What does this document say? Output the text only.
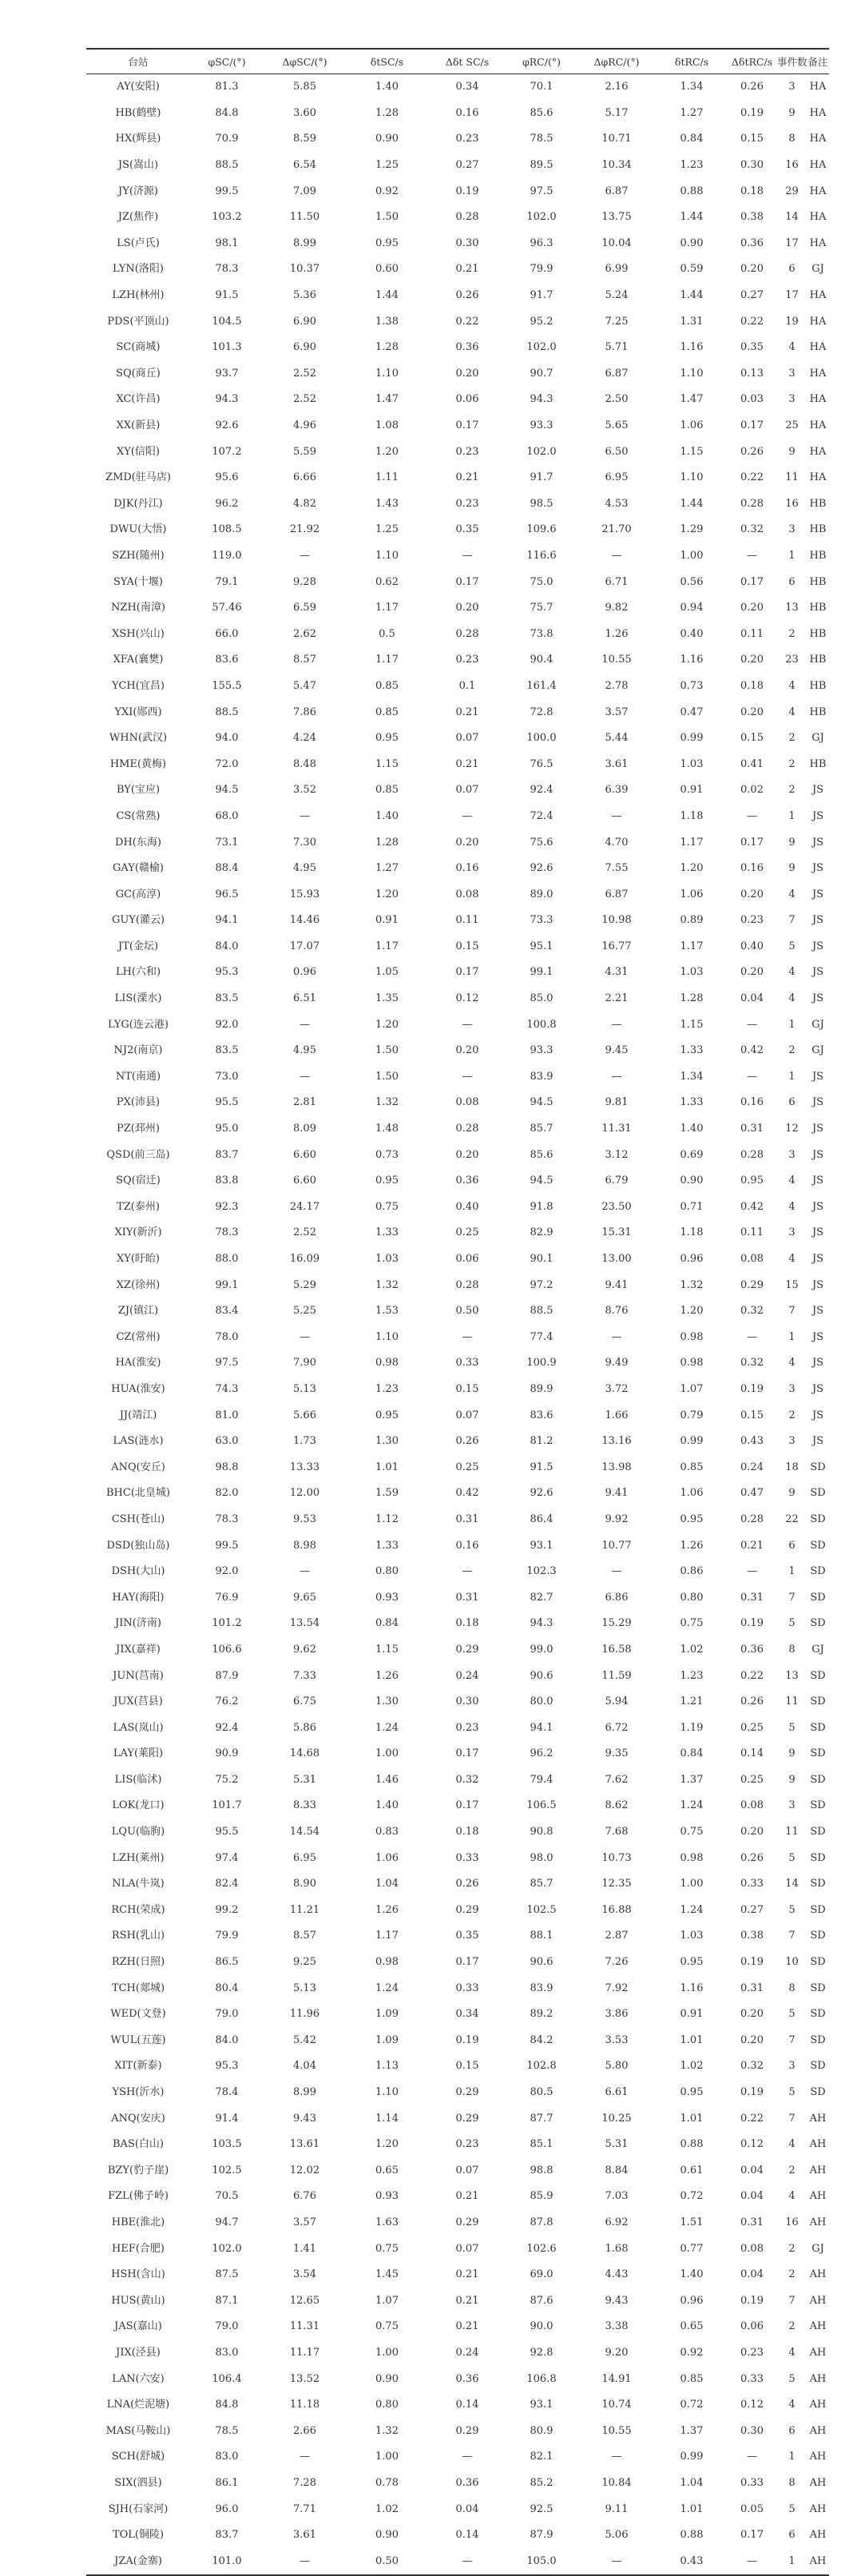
台站	φSC/(°)	ΔφSC/(°)	δtSC/s	Δδt SC/s	φRC/(°)	ΔφRC/(°)	δtRC/s	ΔδtRC/s	事件数	备注
AY(安阳)	81.3	5.85	1.40	0.34	70.1	2.16	1.34	0.26	3	HA
HB(鹤壁)	84.8	3.60	1.28	0.16	85.6	5.17	1.27	0.19	9	HA
HX(辉县)	70.9	8.59	0.90	0.23	78.5	10.71	0.84	0.15	8	HA
JS(嵩山)	88.5	6.54	1.25	0.27	89.5	10.34	1.23	0.30	16	HA
JY(济源)	99.5	7.09	0.92	0.19	97.5	6.87	0.88	0.18	29	HA
JZ(焦作)	103.2	11.50	1.50	0.28	102.0	13.75	1.44	0.38	14	HA
LS(卢氏)	98.1	8.99	0.95	0.30	96.3	10.04	0.90	0.36	17	HA
LYN(洛阳)	78.3	10.37	0.60	0.21	79.9	6.99	0.59	0.20	6	GJ
LZH(林州)	91.5	5.36	1.44	0.26	91.7	5.24	1.44	0.27	17	HA
PDS(平顶山)	104.5	6.90	1.38	0.22	95.2	7.25	1.31	0.22	19	HA
SC(商城)	101.3	6.90	1.28	0.36	102.0	5.71	1.16	0.35	4	HA
SQ(商丘)	93.7	2.52	1.10	0.20	90.7	6.87	1.10	0.13	3	HA
XC(许昌)	94.3	2.52	1.47	0.06	94.3	2.50	1.47	0.03	3	HA
XX(新县)	92.6	4.96	1.08	0.17	93.3	5.65	1.06	0.17	25	HA
XY(信阳)	107.2	5.59	1.20	0.23	102.0	6.50	1.15	0.26	9	HA
ZMD(驻马店)	95.6	6.66	1.11	0.21	91.7	6.95	1.10	0.22	11	HA
DJK(丹江)	96.2	4.82	1.43	0.23	98.5	4.53	1.44	0.28	16	HB
DWU(大悟)	108.5	21.92	1.25	0.35	109.6	21.70	1.29	0.32	3	HB
SZH(随州)	119.0	—	1.10	—	116.6	—	1.00	—	1	HB
SYA(十堰)	79.1	9.28	0.62	0.17	75.0	6.71	0.56	0.17	6	HB
NZH(南漳)	57.46	6.59	1.17	0.20	75.7	9.82	0.94	0.20	13	HB
XSH(兴山)	66.0	2.62	0.5	0.28	73.8	1.26	0.40	0.11	2	HB
XFA(襄樊)	83.6	8.57	1.17	0.23	90.4	10.55	1.16	0.20	23	HB
YCH(宜昌)	155.5	5.47	0.85	0.1	161.4	2.78	0.73	0.18	4	HB
YXI(郧西)	88.5	7.86	0.85	0.21	72.8	3.57	0.47	0.20	4	HB
WHN(武汉)	94.0	4.24	0.95	0.07	100.0	5.44	0.99	0.15	2	GJ
HME(黄梅)	72.0	8.48	1.15	0.21	76.5	3.61	1.03	0.41	2	HB
BY(宝应)	94.5	3.52	0.85	0.07	92.4	6.39	0.91	0.02	2	JS
CS(常熟)	68.0	—	1.40	—	72.4	—	1.18	—	1	JS
DH(东海)	73.1	7.30	1.28	0.20	75.6	4.70	1.17	0.17	9	JS
GAY(赣榆)	88.4	4.95	1.27	0.16	92.6	7.55	1.20	0.16	9	JS
GC(高淳)	96.5	15.93	1.20	0.08	89.0	6.87	1.06	0.20	4	JS
GUY(灌云)	94.1	14.46	0.91	0.11	73.3	10.98	0.89	0.23	7	JS
JT(金坛)	84.0	17.07	1.17	0.15	95.1	16.77	1.17	0.40	5	JS
LH(六和)	95.3	0.96	1.05	0.17	99.1	4.31	1.03	0.20	4	JS
LIS(溧水)	83.5	6.51	1.35	0.12	85.0	2.21	1.28	0.04	4	JS
LYG(连云港)	92.0	—	1.20	—	100.8	—	1.15	—	1	GJ
NJ2(南京)	83.5	4.95	1.50	0.20	93.3	9.45	1.33	0.42	2	GJ
NT(南通)	73.0	—	1.50	—	83.9	—	1.34	—	1	JS
PX(沛县)	95.5	2.81	1.32	0.08	94.5	9.81	1.33	0.16	6	JS
PZ(邳州)	95.0	8.09	1.48	0.28	85.7	11.31	1.40	0.31	12	JS
QSD(前三岛)	83.7	6.60	0.73	0.20	85.6	3.12	0.69	0.28	3	JS
SQ(宿迁)	83.8	6.60	0.95	0.36	94.5	6.79	0.90	0.95	4	JS
TZ(泰州)	92.3	24.17	0.75	0.40	91.8	23.50	0.71	0.42	4	JS
XIY(新沂)	78.3	2.52	1.33	0.25	82.9	15.31	1.18	0.11	3	JS
XY(盱眙)	88.0	16.09	1.03	0.06	90.1	13.00	0.96	0.08	4	JS
XZ(徐州)	99.1	5.29	1.32	0.28	97.2	9.41	1.32	0.29	15	JS
ZJ(镇江)	83.4	5.25	1.53	0.50	88.5	8.76	1.20	0.32	7	JS
CZ(常州)	78.0	—	1.10	—	77.4	—	0.98	—	1	JS
HA(淮安)	97.5	7.90	0.98	0.33	100.9	9.49	0.98	0.32	4	JS
HUA(淮安)	74.3	5.13	1.23	0.15	89.9	3.72	1.07	0.19	3	JS
JJ(靖江)	81.0	5.66	0.95	0.07	83.6	1.66	0.79	0.15	2	JS
LAS(涟水)	63.0	1.73	1.30	0.26	81.2	13.16	0.99	0.43	3	JS
ANQ(安丘)	98.8	13.33	1.01	0.25	91.5	13.98	0.85	0.24	18	SD
BHC(北皇城)	82.0	12.00	1.59	0.42	92.6	9.41	1.06	0.47	9	SD
CSH(苍山)	78.3	9.53	1.12	0.31	86.4	9.92	0.95	0.28	22	SD
DSD(独山岛)	99.5	8.98	1.33	0.16	93.1	10.77	1.26	0.21	6	SD
DSH(大山)	92.0	—	0.80	—	102.3	—	0.86	—	1	SD
HAY(海阳)	76.9	9.65	0.93	0.31	82.7	6.86	0.80	0.31	7	SD
JIN(济南)	101.2	13.54	0.84	0.18	94.3	15.29	0.75	0.19	5	SD
JIX(嘉祥)	106.6	9.62	1.15	0.29	99.0	16.58	1.02	0.36	8	GJ
JUN(莒南)	87.9	7.33	1.26	0.24	90.6	11.59	1.23	0.22	13	SD
JUX(莒县)	76.2	6.75	1.30	0.30	80.0	5.94	1.21	0.26	11	SD
LAS(岚山)	92.4	5.86	1.24	0.23	94.1	6.72	1.19	0.25	5	SD
LAY(莱阳)	90.9	14.68	1.00	0.17	96.2	9.35	0.84	0.14	9	SD
LIS(临沭)	75.2	5.31	1.46	0.32	79.4	7.62	1.37	0.25	9	SD
LOK(龙口)	101.7	8.33	1.40	0.17	106.5	8.62	1.24	0.08	3	SD
LQU(临朐)	95.5	14.54	0.83	0.18	90.8	7.68	0.75	0.20	11	SD
LZH(莱州)	97.4	6.95	1.06	0.33	98.0	10.73	0.98	0.26	5	SD
NLA(牛岚)	82.4	8.90	1.04	0.26	85.7	12.35	1.00	0.33	14	SD
RCH(荣成)	99.2	11.21	1.26	0.29	102.5	16.88	1.24	0.27	5	SD
RSH(乳山)	79.9	8.57	1.17	0.35	88.1	2.87	1.03	0.38	7	SD
RZH(日照)	86.5	9.25	0.98	0.17	90.6	7.26	0.95	0.19	10	SD
TCH(郯城)	80.4	5.13	1.24	0.33	83.9	7.92	1.16	0.31	8	SD
WED(文登)	79.0	11.96	1.09	0.34	89.2	3.86	0.91	0.20	5	SD
WUL(五莲)	84.0	5.42	1.09	0.19	84.2	3.53	1.01	0.20	7	SD
XIT(新泰)	95.3	4.04	1.13	0.15	102.8	5.80	1.02	0.32	3	SD
YSH(沂水)	78.4	8.99	1.10	0.29	80.5	6.61	0.95	0.19	5	SD
ANQ(安庆)	91.4	9.43	1.14	0.29	87.7	10.25	1.01	0.22	7	AH
BAS(白山)	103.5	13.61	1.20	0.23	85.1	5.31	0.88	0.12	4	AH
BZY(豹子崖)	102.5	12.02	0.65	0.07	98.8	8.84	0.61	0.04	2	AH
FZL(佛子岭)	70.5	6.76	0.93	0.21	85.9	7.03	0.72	0.04	4	AH
HBE(淮北)	94.7	3.57	1.63	0.29	87.8	6.92	1.51	0.31	16	AH
HEF(合肥)	102.0	1.41	0.75	0.07	102.6	1.68	0.77	0.08	2	GJ
HSH(含山)	87.5	3.54	1.45	0.21	69.0	4.43	1.40	0.04	2	AH
HUS(黄山)	87.1	12.65	1.07	0.21	87.6	9.43	0.96	0.19	7	AH
JAS(嘉山)	79.0	11.31	0.75	0.21	90.0	3.38	0.65	0.06	2	AH
JIX(泾县)	83.0	11.17	1.00	0.24	92.8	9.20	0.92	0.23	4	AH
LAN(六安)	106.4	13.52	0.90	0.36	106.8	14.91	0.85	0.33	5	AH
LNA(烂泥塘)	84.8	11.18	0.80	0.14	93.1	10.74	0.72	0.12	4	AH
MAS(马鞍山)	78.5	2.66	1.32	0.29	80.9	10.55	1.37	0.30	6	AH
SCH(舒城)	83.0	—	1.00	—	82.1	—	0.99	—	1	AH
SIX(泗县)	86.1	7.28	0.78	0.36	85.2	10.84	1.04	0.33	8	AH
SJH(石家河)	96.0	7.71	1.02	0.04	92.5	9.11	1.01	0.05	5	AH
TOL(铜陵)	83.7	3.61	0.90	0.14	87.9	5.06	0.88	0.17	6	AH
JZA(金寨)	101.0	—	0.50	—	105.0	—	0.43	—	1	AH
